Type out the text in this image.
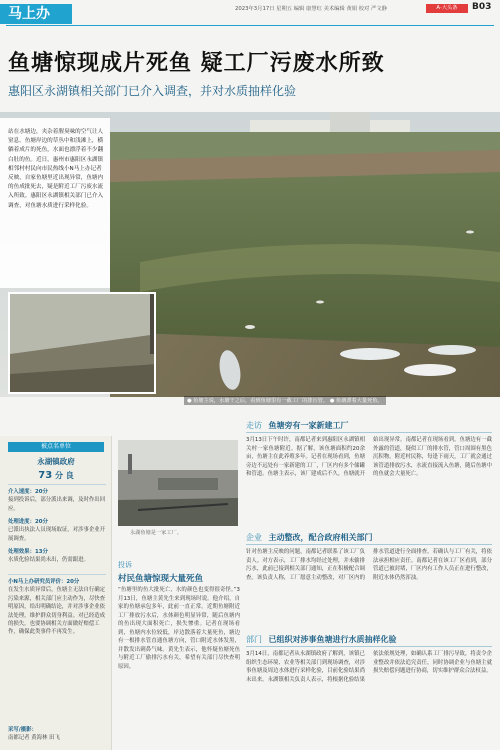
马上办	2023年3月17日 星期五 编辑 康慧红 美术编辑 黄娟 校对 严文静	A·大头条	B03
鱼塘惊现成片死鱼 疑工厂污废水所致
惠阳区永湖镇相关部门已介入调查，并对水质抽样化验
站在水塘边，夹杂着腥臭味的空气让人窒息。鱼塘岸边的草丛中和浅滩上，横躺着成片的死鱼，水面也漂浮着不少翻白肚的鱼。近日，惠州市惠阳区永湖镇相邻村村民向市民热线小N马上办记者反映，自家鱼塘里近出现异常，鱼塘内的鱼成批死去，疑是附近工厂污废水流入所致。惠阳区永湖镇相关部门已介入调查，对鱼塘水质进行采样化验。
● 鱼塘主说，水塘干之后，看到鱼塘里有一截工厂的排污管。 ● 鱼塘漂着大量死鱼。
被点名单位
永湖镇政府
73 分 良
介入速度：20分
接到投诉后，部分派出来调，及时作出回应。
处理进度：20分
已派出执法人员现场取证，对涉事企业开展调查。
处理效果：13分
水质化验结果尚未出，仍需跟进。
小N马上办研究员评价：20分
在发生水质异常后，鱼塘主无法自行确定污染来源，相关部门应主动作为，尽快查明原因，给出明确结论，并对涉事企业依法处理，维护群众切身利益。对已经造成的损失，也要协调相关方面做好赔偿工作，确保此类事件不再发生。
采写/摄影：
南都记者 黄海林 田飞
永湖鱼塘是一家工厂。
投诉
村民鱼塘惊现大量死鱼
“鱼塘里的鱼大批死亡，水的颜色也变得很奇怪。”3月13日，鱼塘主黄先生来到现场时说。他介绍，自家的鱼塘承包多年，此前一直正常。近期鱼塘附近工厂排放污水后，水体颜色明显异常，随后鱼塘内的鱼出现大面积死亡，损失惨重。记者在现场看到，鱼塘内水位较低，岸边散落着大量死鱼，塘边有一根排水管直通鱼塘方向，管口附近水体发黑，并散发出刺鼻气味。黄先生表示，他怀疑鱼塘死鱼与附近工厂偷排污水有关，希望有关部门尽快查明原因。
走访 鱼塘旁有一家新建工厂
3月13日下午时许，南都记者来到惠阳区永湖镇相关村一家鱼塘附近。据了解，该鱼塘面积约20余亩，鱼塘主在此养殖多年。记者在现场看到，鱼塘旁边不远处有一家新建的工厂，厂区内有多个储罐和管道。鱼塘主表示，该厂建成后不久，鱼塘就开始出现异常。南都记者在现场看到，鱼塘边有一截外露的管道，疑似工厂的排水管，管口周围有黑色沉积物。附近村民称，每逢下雨天，工厂就会通过该管道排放污水，水流直接流入鱼塘，随后鱼塘中的鱼就会大量死亡。
企业 主动整改，配合政府相关部门
针对鱼塘主反映的问题，南都记者联系了该工厂负责人。对方表示，工厂排水均经过处理，并未偷排污水，此前已接到相关部门通知，正在积极配合调查。该负责人称，工厂愿意主动整改，对厂区内的排水管道进行全面排查，若确认与工厂有关，将依法承担相应责任。南都记者在该工厂区看到，部分管道已被封堵，厂区内有工作人员正在进行整改，附近水体仍然浑浊。
部门 已组织对涉事鱼塘进行水质抽样化验
3月14日，南都记者从永湖镇政府了解到，该镇已组织生态环境、农业等相关部门到现场调查，对涉事鱼塘及周边水体进行采样化验，目前化验结果尚未出来。永湖镇相关负责人表示，将根据化验结果依法依规处理，如确认系工厂排污导致，将责令企业整改并依法追究责任，同时协调企业与鱼塘主就损失赔偿问题进行协商，切实维护群众合法权益。
